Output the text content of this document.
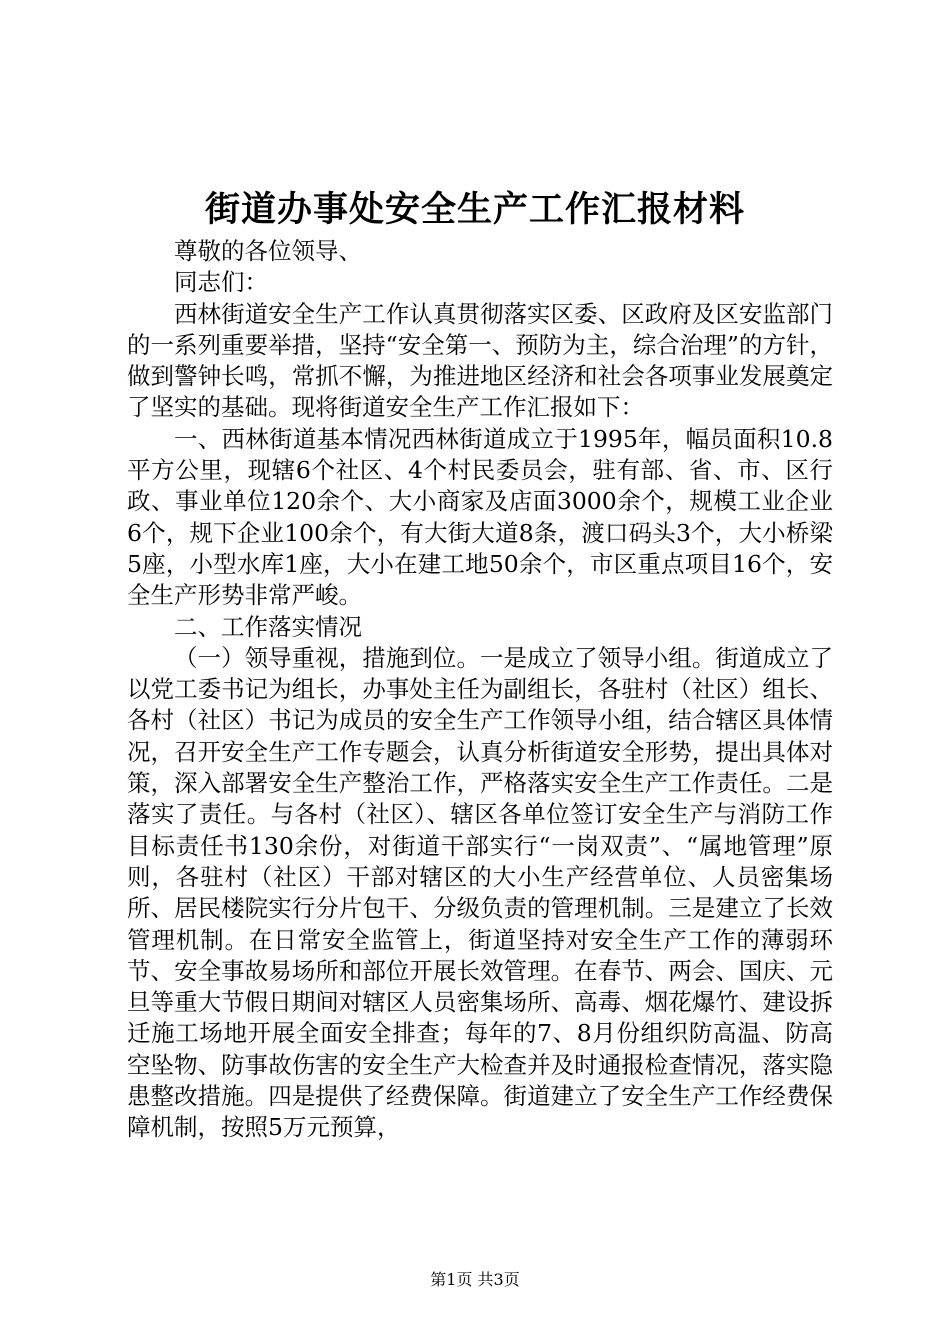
街道办事处安全生产工作汇报材料

尊敬的各位领导、

同志们：

西林街道安全生产工作认真贯彻落实区委、区政府及区安监部门的一系列重要举措，坚持“安全第一、预防为主，综合治理”的方针，做到警钟长鸣，常抓不懈，为推进地区经济和社会各项事业发展奠定了坚实的基础。现将街道安全生产工作汇报如下：

一、西林街道基本情况西林街道成立于1995年，幅员面积10.8平方公里，现辖6个社区、4个村民委员会，驻有部、省、市、区行政、事业单位120余个、大小商家及店面3000余个，规模工业企业6个，规下企业100余个，有大街大道8条，渡口码头3个，大小桥梁5座，小型水库1座，大小在建工地50余个，市区重点项目16个，安全生产形势非常严峻。

二、工作落实情况

（一）领导重视，措施到位。一是成立了领导小组。街道成立了以党工委书记为组长，办事处主任为副组长，各驻村（社区）组长、各村（社区）书记为成员的安全生产工作领导小组，结合辖区具体情况，召开安全生产工作专题会，认真分析街道安全形势，提出具体对策，深入部署安全生产整治工作，严格落实安全生产工作责任。二是落实了责任。与各村（社区）、辖区各单位签订安全生产与消防工作目标责任书130余份，对街道干部实行“一岗双责”、“属地管理”原则，各驻村（社区）干部对辖区的大小生产经营单位、人员密集场所、居民楼院实行分片包干、分级负责的管理机制。三是建立了长效管理机制。在日常安全监管上，街道坚持对安全生产工作的薄弱环节、安全事故易场所和部位开展长效管理。在春节、两会、国庆、元旦等重大节假日期间对辖区人员密集场所、高毒、烟花爆竹、建设拆迁施工场地开展全面安全排查；每年的7、8月份组织防高温、防高空坠物、防事故伤害的安全生产大检查并及时通报检查情况，落实隐患整改措施。四是提供了经费保障。街道建立了安全生产工作经费保障机制，按照5万元预算，

第1页 共3页
